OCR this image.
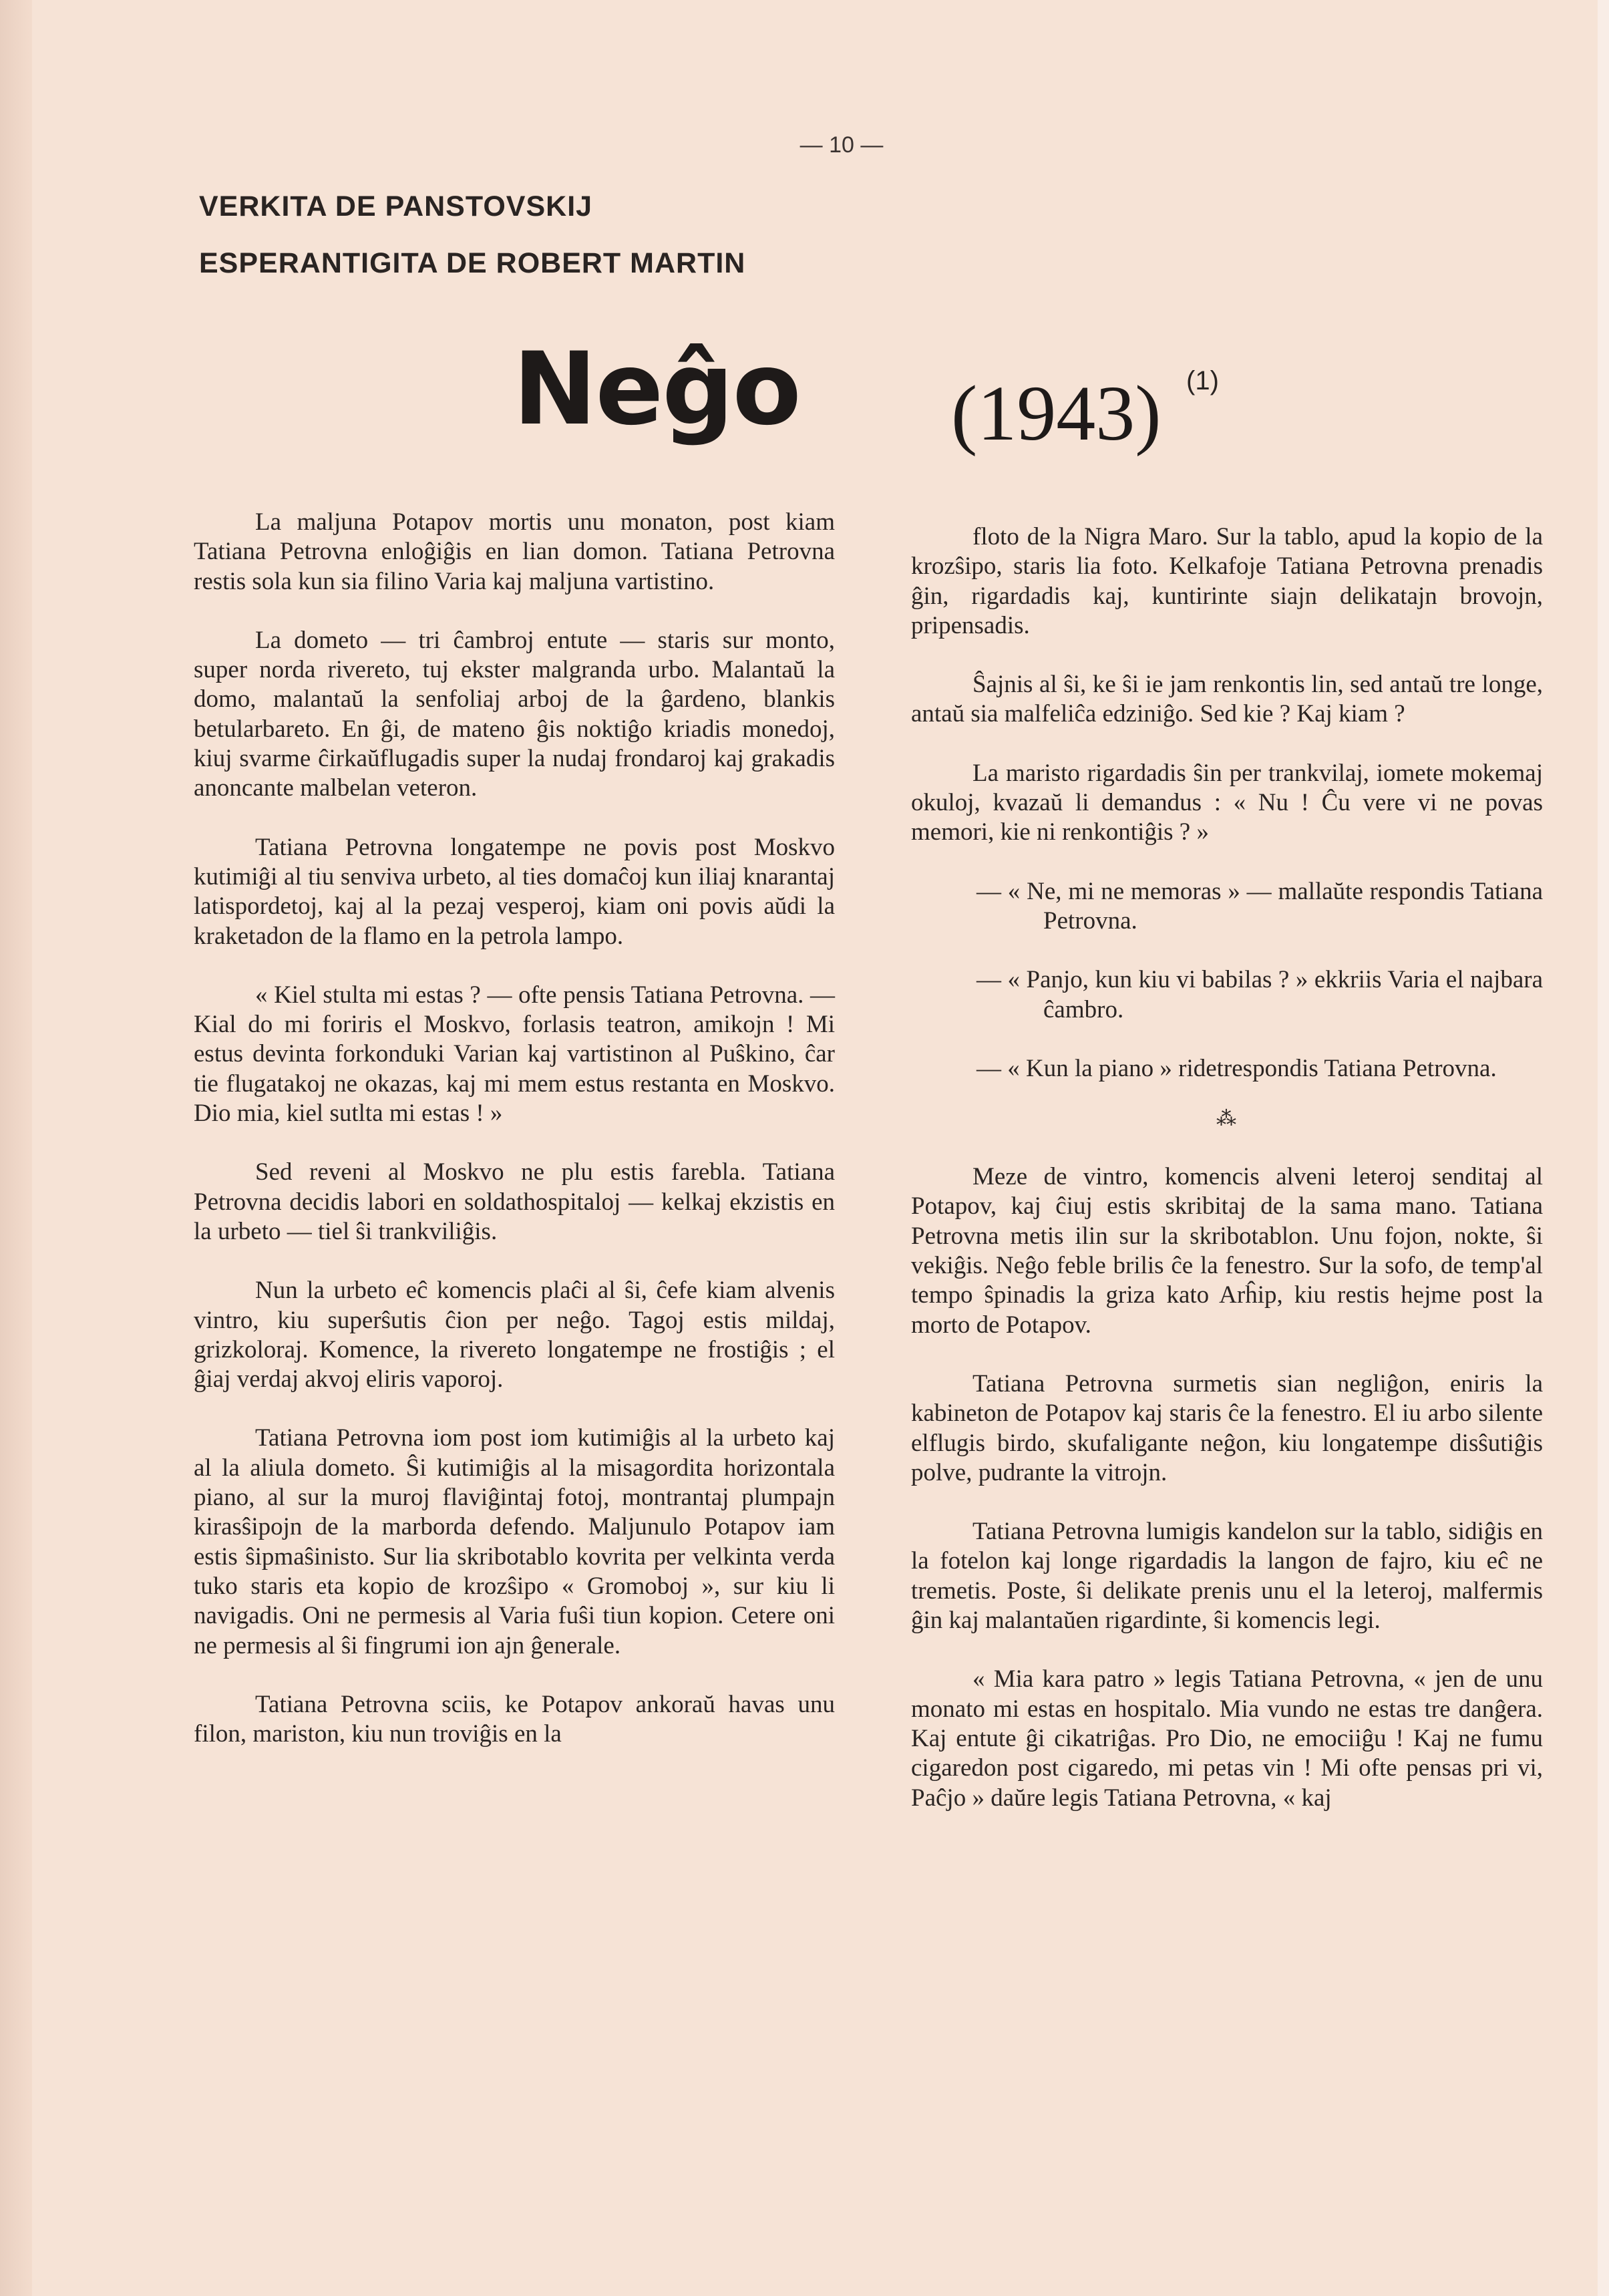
— 10 —
VERKITA DE PANSTOVSKIJ
ESPERANTIGITA DE ROBERT MARTIN
Neĝo (1943) (1)

La maljuna Potapov mortis unu monaton, post kiam Tatiana Petrovna enloĝiĝis en lian domon. Tatiana Petrovna restis sola kun sia filino Varia kaj maljuna vartistino.

La dometo — tri ĉambroj entute — staris sur monto, super norda rivereto, tuj ekster malgranda urbo. Malantaŭ la domo, malantaŭ la senfoliaj arboj de la ĝardeno, blankis betularbareto. En ĝi, de mateno ĝis noktiĝo kriadis monedoj, kiuj svarme ĉirkaŭflugadis super la nudaj frondaroj kaj grakadis anoncante malbelan veteron.

Tatiana Petrovna longatempe ne povis post Moskvo kutimiĝi al tiu senviva urbeto, al ties domaĉoj kun iliaj knarantaj latispordetoj, kaj al la pezaj vesperoj, kiam oni povis aŭdi la kraketadon de la flamo en la petrola lampo.

« Kiel stulta mi estas ? — ofte pensis Tatiana Petrovna. — Kial do mi foriris el Moskvo, forlasis teatron, amikojn ! Mi estus devinta forkonduki Varian kaj vartistinon al Puŝkino, ĉar tie flugatakoj ne okazas, kaj mi mem estus restanta en Moskvo. Dio mia, kiel sutlta mi estas ! »

Sed reveni al Moskvo ne plu estis farebla. Tatiana Petrovna decidis labori en soldathospitaloj — kelkaj ekzistis en la urbeto — tiel ŝi trankviliĝis.

Nun la urbeto eĉ komencis plaĉi al ŝi, ĉefe kiam alvenis vintro, kiu superŝutis ĉion per neĝo. Tagoj estis mildaj, grizkoloraj. Komence, la rivereto longatempe ne frostiĝis ; el ĝiaj verdaj akvoj eliris vaporoj.

Tatiana Petrovna iom post iom kutimiĝis al la urbeto kaj al la aliula dometo. Ŝi kutimiĝis al la misagordita horizontala piano, al sur la muroj flaviĝintaj fotoj, montrantaj plumpajn kirasŝipojn de la marborda defendo. Maljunulo Potapov iam estis ŝipmaŝinisto. Sur lia skribotablo kovrita per velkinta verda tuko staris eta kopio de krozŝipo « Gromoboj », sur kiu li navigadis. Oni ne permesis al Varia fuŝi tiun kopion. Cetere oni ne permesis al ŝi fingrumi ion ajn ĝenerale.

Tatiana Petrovna sciis, ke Potapov ankoraŭ havas unu filon, mariston, kiu nun troviĝis en la

floto de la Nigra Maro. Sur la tablo, apud la kopio de la krozŝipo, staris lia foto. Kelkafoje Tatiana Petrovna prenadis ĝin, rigardadis kaj, kuntirinte siajn delikatajn brovojn, pripensadis.

Ŝajnis al ŝi, ke ŝi ie jam renkontis lin, sed antaŭ tre longe, antaŭ sia malfeliĉa edziniĝo. Sed kie ? Kaj kiam ?

La maristo rigardadis ŝin per trankvilaj, iomete mokemaj okuloj, kvazaŭ li demandus : « Nu ! Ĉu vere vi ne povas memori, kie ni renkontiĝis ? »

— « Ne, mi ne memoras » — mallaŭte respondis Tatiana Petrovna.

— « Panjo, kun kiu vi babilas ? » ekkriis Varia el najbara ĉambro.

— « Kun la piano » ridetrespondis Tatiana Petrovna.

⁂

Meze de vintro, komencis alveni leteroj senditaj al Potapov, kaj ĉiuj estis skribitaj de la sama mano. Tatiana Petrovna metis ilin sur la skribotablon. Unu fojon, nokte, ŝi vekiĝis. Neĝo feble brilis ĉe la fenestro. Sur la sofo, de temp'al tempo ŝpinadis la griza kato Arĥip, kiu restis hejme post la morto de Potapov.

Tatiana Petrovna surmetis sian negliĝon, eniris la kabineton de Potapov kaj staris ĉe la fenestro. El iu arbo silente elflugis birdo, skufaligante neĝon, kiu longatempe disŝutiĝis polve, pudrante la vitrojn.

Tatiana Petrovna lumigis kandelon sur la tablo, sidiĝis en la fotelon kaj longe rigardadis la langon de fajro, kiu eĉ ne tremetis. Poste, ŝi delikate prenis unu el la leteroj, malfermis ĝin kaj malantaŭen rigardinte, ŝi komencis legi.

« Mia kara patro » legis Tatiana Petrovna, « jen de unu monato mi estas en hospitalo. Mia vundo ne estas tre danĝera. Kaj entute ĝi cikatriĝas. Pro Dio, ne emociiĝu ! Kaj ne fumu cigaredon post cigaredo, mi petas vin ! Mi ofte pensas pri vi, Paĉjo » daŭre legis Tatiana Petrovna, « kaj
